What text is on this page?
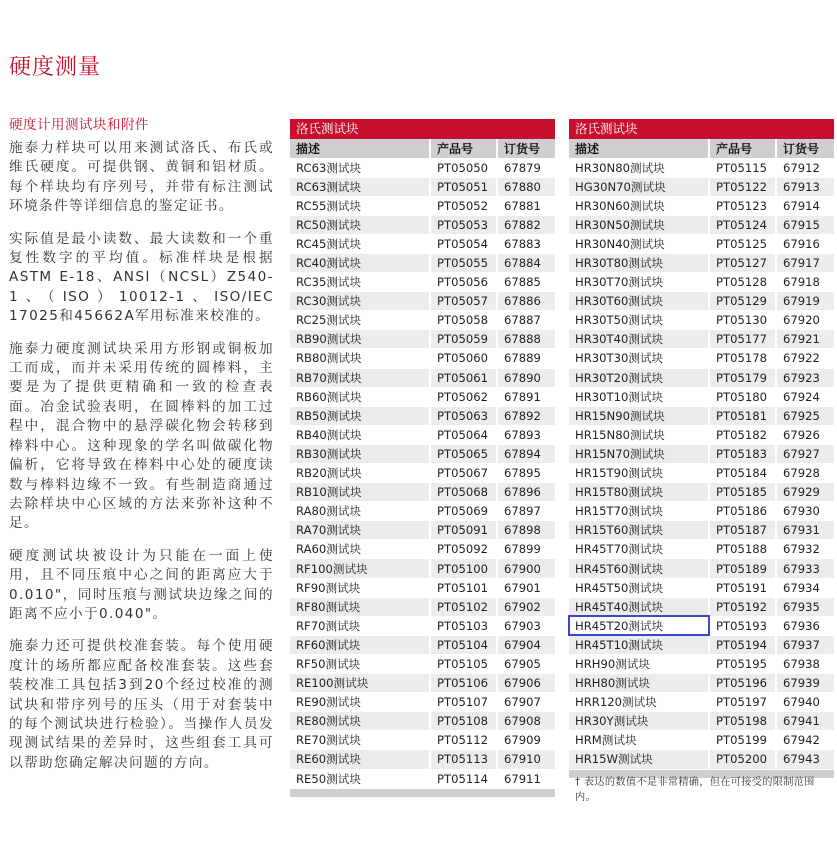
硬度测量
硬度计用测试块和附件

施泰力样块可以用来测试洛氏、布氏或维氏硬度。可提供钢、黄铜和铝材质。每个样块均有序列号，并带有标注测试环境条件等详细信息的鉴定证书。

实际值是最小读数、最大读数和一个重复性数字的平均值。标准样块是根据ASTM E-18、ANSI（NCSL）Z540-1、（ISO）10012-1、ISO/IEC 17025和45662A军用标准来校准的。

施泰力硬度测试块采用方形钢或铜板加工而成，而并未采用传统的圆棒料，主要是为了提供更精确和一致的检查表面。冶金试验表明，在圆棒料的加工过程中，混合物中的悬浮碳化物会转移到棒料中心。这种现象的学名叫做碳化物偏析，它将导致在棒料中心处的硬度读数与棒料边缘不一致。有些制造商通过去除样块中心区域的方法来弥补这种不足。

硬度测试块被设计为只能在一面上使用，且不同压痕中心之间的距离应大于0.010"，同时压痕与测试块边缘之间的距离不应小于0.040"。

施泰力还可提供校准套装。每个使用硬度计的场所都应配备校准套装。这些套装校准工具包括3到20个经过校准的测试块和带序列号的压头（用于对套装中的每个测试块进行检验）。当操作人员发现测试结果的差异时，这些组套工具可以帮助您确定解决问题的方向。

洛氏测试块
描述	产品号	订货号
RC63测试块	PT05050	67879
RC63测试块	PT05051	67880
RC55测试块	PT05052	67881
RC50测试块	PT05053	67882
RC45测试块	PT05054	67883
RC40测试块	PT05055	67884
RC35测试块	PT05056	67885
RC30测试块	PT05057	67886
RC25测试块	PT05058	67887
RB90测试块	PT05059	67888
RB80测试块	PT05060	67889
RB70测试块	PT05061	67890
RB60测试块	PT05062	67891
RB50测试块	PT05063	67892
RB40测试块	PT05064	67893
RB30测试块	PT05065	67894
RB20测试块	PT05067	67895
RB10测试块	PT05068	67896
RA80测试块	PT05069	67897
RA70测试块	PT05091	67898
RA60测试块	PT05092	67899
RF100测试块	PT05100	67900
RF90测试块	PT05101	67901
RF80测试块	PT05102	67902
RF70测试块	PT05103	67903
RF60测试块	PT05104	67904
RF50测试块	PT05105	67905
RE100测试块	PT05106	67906
RE90测试块	PT05107	67907
RE80测试块	PT05108	67908
RE70测试块	PT05112	67909
RE60测试块	PT05113	67910
RE50测试块	PT05114	67911
洛氏测试块
描述	产品号	订货号
HR30N80测试块	PT05115	67912
HG30N70测试块	PT05122	67913
HR30N60测试块	PT05123	67914
HR30N50测试块	PT05124	67915
HR30N40测试块	PT05125	67916
HR30T80测试块	PT05127	67917
HR30T70测试块	PT05128	67918
HR30T60测试块	PT05129	67919
HR30T50测试块	PT05130	67920
HR30T40测试块	PT05177	67921
HR30T30测试块	PT05178	67922
HR30T20测试块	PT05179	67923
HR30T10测试块	PT05180	67924
HR15N90测试块	PT05181	67925
HR15N80测试块	PT05182	67926
HR15N70测试块	PT05183	67927
HR15T90测试块	PT05184	67928
HR15T80测试块	PT05185	67929
HR15T70测试块	PT05186	67930
HR15T60测试块	PT05187	67931
HR45T70测试块	PT05188	67932
HR45T60测试块	PT05189	67933
HR45T50测试块	PT05191	67934
HR45T40测试块	PT05192	67935
HR45T20测试块	PT05193	67936
HR45T10测试块	PT05194	67937
HRH90测试块	PT05195	67938
HRH80测试块	PT05196	67939
HRR120测试块	PT05197	67940
HR30Y测试块	PT05198	67941
HRM测试块	PT05199	67942
HR15W测试块	PT05200	67943
† 表达的数值不是非常精确，但在可接受的限制范围内。
